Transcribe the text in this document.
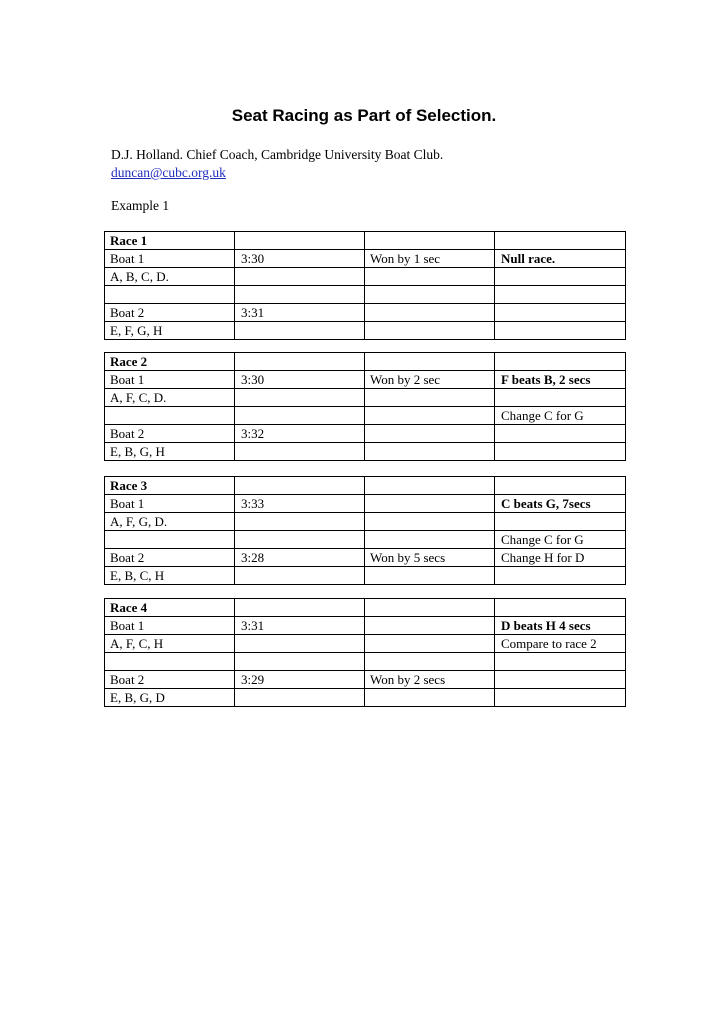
Seat Racing as Part of Selection.
D.J. Holland. Chief Coach, Cambridge University Boat Club.
duncan@cubc.org.uk
Example 1
Race 1			
Boat 1	3:30	Won by 1 sec	Null race.
A, B, C, D.			

Boat 2	3:31		
E, F, G, H			
Race 2			
Boat 1	3:30	Won by 2 sec	F beats B, 2 secs
A, F, C, D.			
			Change C for G
Boat 2	3:32		
E, B, G, H			
Race 3			
Boat 1	3:33		C beats G, 7secs
A, F, G, D.			
			Change C for G
Boat 2	3:28	Won by 5 secs	Change H for D
E, B, C, H			
Race 4			
Boat 1	3:31		D beats H 4 secs
A, F, C, H			Compare to race 2

Boat 2	3:29	Won by 2 secs	
E, B, G, D			
